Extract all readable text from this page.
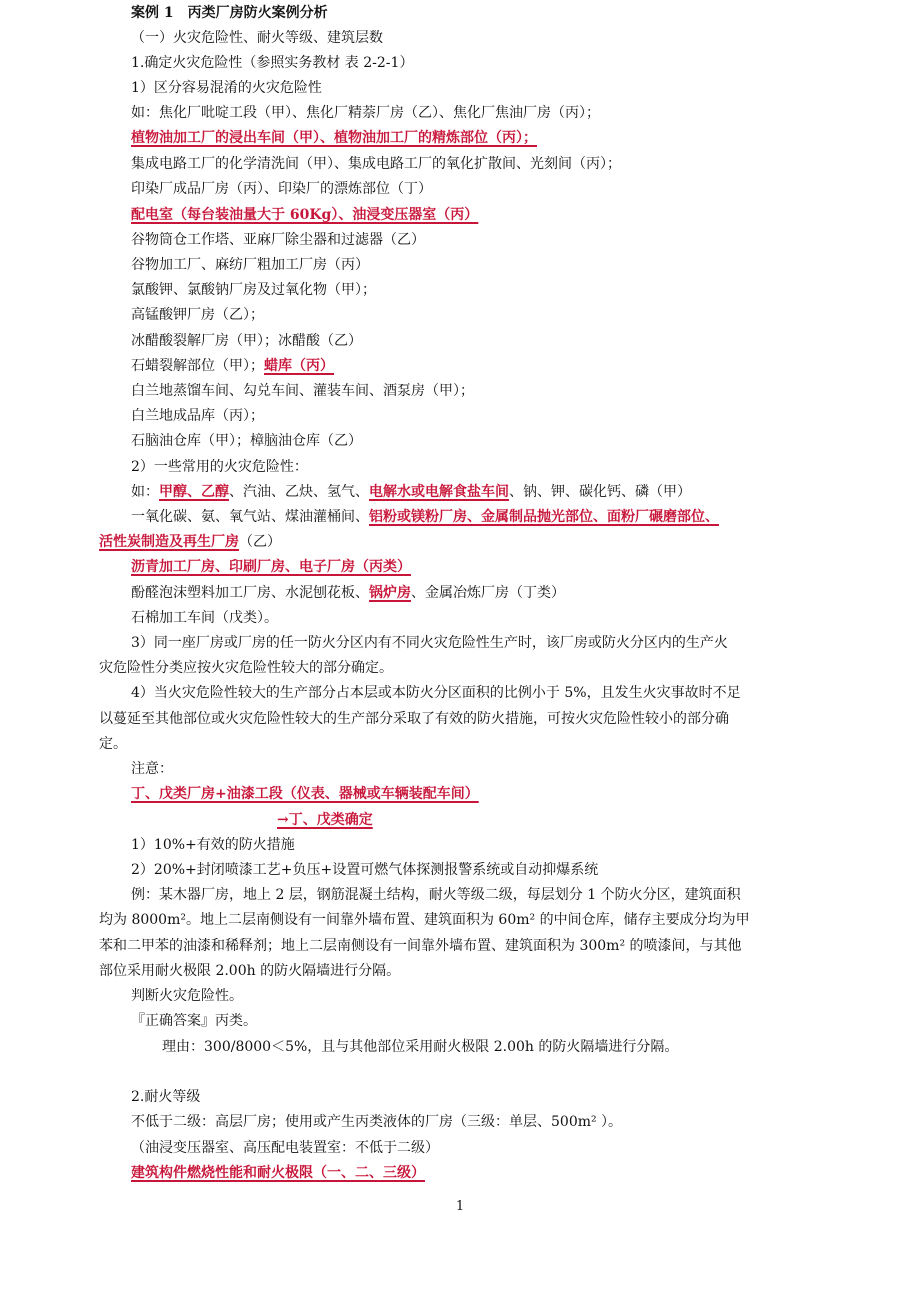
案例 1　丙类厂房防火案例分析
（一）火灾危险性、耐火等级、建筑层数
1.确定火灾危险性（参照实务教材 表 2-2-1）
1）区分容易混淆的火灾危险性
如：焦化厂吡啶工段（甲）、焦化厂精萘厂房（乙）、焦化厂焦油厂房（丙）；
植物油加工厂的浸出车间（甲）、植物油加工厂的精炼部位（丙）；
集成电路工厂的化学清洗间（甲）、集成电路工厂的氧化扩散间、光刻间（丙）；
印染厂成品厂房（丙）、印染厂的漂炼部位（丁）
配电室（每台装油量大于 60Kg）、油浸变压器室（丙）
谷物筒仓工作塔、亚麻厂除尘器和过滤器（乙）
谷物加工厂、麻纺厂粗加工厂房（丙）
氯酸钾、氯酸钠厂房及过氧化物（甲）；
高锰酸钾厂房（乙）；
冰醋酸裂解厂房（甲）；冰醋酸（乙）
石蜡裂解部位（甲）；蜡库（丙）
白兰地蒸馏车间、勾兑车间、灌装车间、酒泵房（甲）；
白兰地成品库（丙）；
石脑油仓库（甲）；樟脑油仓库（乙）
2）一些常用的火灾危险性：
如：甲醇、乙醇、汽油、乙炔、氢气、电解水或电解食盐车间、钠、钾、碳化钙、磷（甲）
一氧化碳、氨、氧气站、煤油灌桶间、铝粉或镁粉厂房、金属制品抛光部位、面粉厂碾磨部位、
活性炭制造及再生厂房（乙）
沥青加工厂房、印刷厂房、电子厂房（丙类）
酚醛泡沫塑料加工厂房、水泥刨花板、锅炉房、金属冶炼厂房（丁类）
石棉加工车间（戊类）。
3）同一座厂房或厂房的任一防火分区内有不同火灾危险性生产时，该厂房或防火分区内的生产火
灾危险性分类应按火灾危险性较大的部分确定。
4）当火灾危险性较大的生产部分占本层或本防火分区面积的比例小于 5%，且发生火灾事故时不足
以蔓延至其他部位或火灾危险性较大的生产部分采取了有效的防火措施，可按火灾危险性较小的部分确
定。
注意：
丁、戊类厂房+油漆工段（仪表、器械或车辆装配车间）
→丁、戊类确定
1）10%+有效的防火措施
2）20%+封闭喷漆工艺+负压+设置可燃气体探测报警系统或自动抑爆系统
例：某木器厂房，地上 2 层，钢筋混凝土结构，耐火等级二级，每层划分 1 个防火分区，建筑面积
均为 8000m²。地上二层南侧设有一间靠外墙布置、建筑面积为 60m² 的中间仓库，储存主要成分均为甲
苯和二甲苯的油漆和稀释剂；地上二层南侧设有一间靠外墙布置、建筑面积为 300m² 的喷漆间，与其他
部位采用耐火极限 2.00h 的防火隔墙进行分隔。
判断火灾危险性。
『正确答案』丙类。
理由：300/8000＜5%，且与其他部位采用耐火极限 2.00h 的防火隔墙进行分隔。
2.耐火等级
不低于二级：高层厂房；使用或产生丙类液体的厂房（三级：单层、500m² ）。
（油浸变压器室、高压配电装置室：不低于二级）
建筑构件燃烧性能和耐火极限（一、二、三级）
1
